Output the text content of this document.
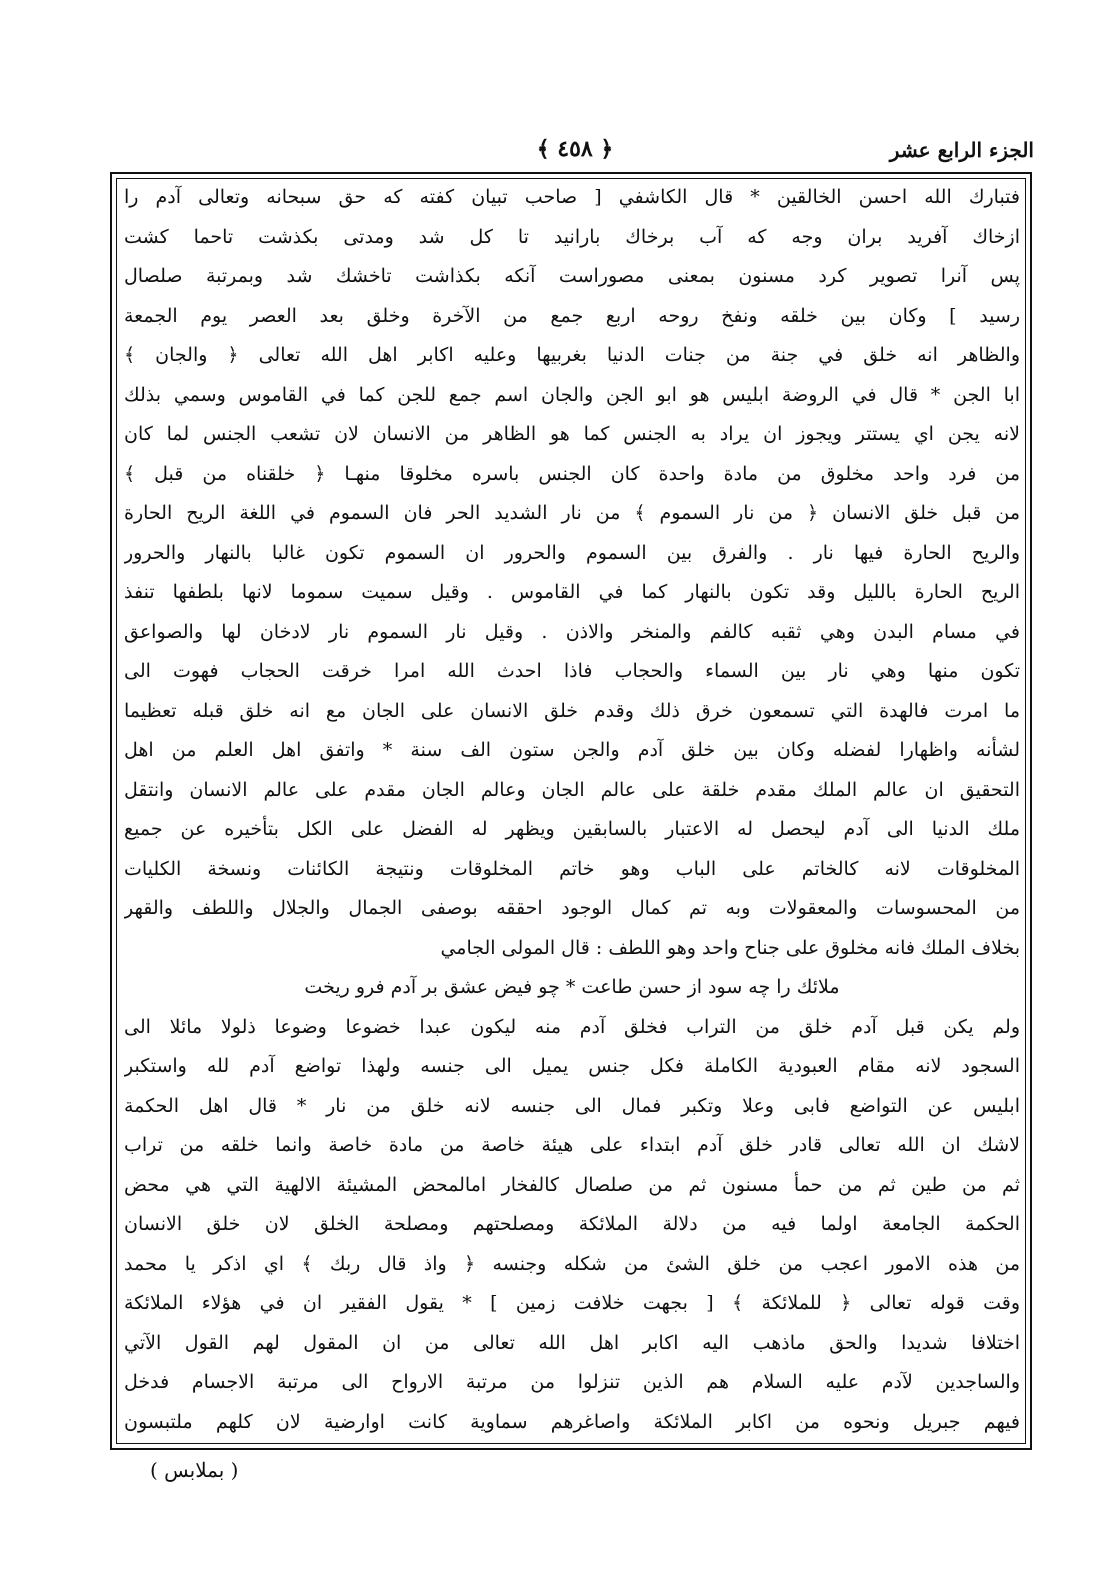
الجزء الرابع عشر
﴿ ٤٥٨ ﴾
فتبارك الله احسن الخالقين * قال الكاشفي [ صاحب تبيان كفته كه حق سبحانه وتعالى آدم را
ازخاك آفريد بران وجه كه آب برخاك بارانيد تا كل شد ومدتى بكذشت تاحما كشت
پس آنرا تصوير كرد مسنون بمعنى مصوراست آنكه بكذاشت تاخشك شد وبمرتبة صلصال
رسيد ] وكان بين خلقه ونفخ روحه اربع جمع من الآخرة وخلق بعد العصر يوم الجمعة
والظاهر انه خلق في جنة من جنات الدنيا بغربيها وعليه اكابر اهل الله تعالى ﴿ والجان ﴾
ابا الجن * قال في الروضة ابليس هو ابو الجن والجان اسم جمع للجن كما في القاموس وسمي بذلك
لانه يجن اي يستتر ويجوز ان يراد به الجنس كما هو الظاهر من الانسان لان تشعب الجنس لما كان
من فرد واحد مخلوق من مادة واحدة كان الجنس باسره مخلوقا منهـا ﴿ خلقناه من قبل ﴾
من قبل خلق الانسان ﴿ من نار السموم ﴾ من نار الشديد الحر فان السموم في اللغة الريح الحارة
والريح الحارة فيها نار . والفرق بين السموم والحرور ان السموم تكون غالبا بالنهار والحرور
الريح الحارة بالليل وقد تكون بالنهار كما في القاموس . وقيل سميت سموما لانها بلطفها تنفذ
في مسام البدن وهي ثقبه كالفم والمنخر والاذن . وقيل نار السموم نار لادخان لها والصواعق
تكون منها وهي نار بين السماء والحجاب فاذا احدث الله امرا خرقت الحجاب فهوت الى
ما امرت فالهدة التي تسمعون خرق ذلك وقدم خلق الانسان على الجان مع انه خلق قبله تعظيما
لشأنه واظهارا لفضله وكان بين خلق آدم والجن ستون الف سنة * واتفق اهل العلم من اهل
التحقيق ان عالم الملك مقدم خلقة على عالم الجان وعالم الجان مقدم على عالم الانسان وانتقل
ملك الدنيا الى آدم ليحصل له الاعتبار بالسابقين ويظهر له الفضل على الكل بتأخيره عن جميع
المخلوقات لانه كالخاتم على الباب وهو خاتم المخلوقات ونتيجة الكائنات ونسخة الكليات
من المحسوسات والمعقولات وبه تم كمال الوجود احققه بوصفى الجمال والجلال واللطف والقهر
بخلاف الملك فانه مخلوق على جناح واحد وهو اللطف : قال المولى الجامي
ملائك را چه سود از حسن طاعت * چو فيض عشق بر آدم فرو ريخت
ولم يكن قبل آدم خلق من التراب فخلق آدم منه ليكون عبدا خضوعا وضوعا ذلولا مائلا الى
السجود لانه مقام العبودية الكاملة فكل جنس يميل الى جنسه ولهذا تواضع آدم لله واستكبر
ابليس عن التواضع فابى وعلا وتكبر فمال الى جنسه لانه خلق من نار * قال اهل الحكمة
لاشك ان الله تعالى قادر خلق آدم ابتداء على هيئة خاصة من مادة خاصة وانما خلقه من تراب
ثم من طين ثم من حمأ مسنون ثم من صلصال كالفخار امالمحض المشيئة الالهية التي هي محض
الحكمة الجامعة اولما فيه من دلالة الملائكة ومصلحتهم ومصلحة الخلق لان خلق الانسان
من هذه الامور اعجب من خلق الشئ من شكله وجنسه ﴿ واذ قال ربك ﴾ اي اذكر يا محمد
وقت قوله تعالى ﴿ للملائكة ﴾ [ بجهت خلافت زمين ] * يقول الفقير ان في هؤلاء الملائكة
اختلافا شديدا والحق ماذهب اليه اكابر اهل الله تعالى من ان المقول لهم القول الآتي
والساجدين لآدم عليه السلام هم الذين تنزلوا من مرتبة الارواح الى مرتبة الاجسام فدخل
فيهم جبريل ونحوه من اكابر الملائكة واصاغرهم سماوية كانت اوارضية لان كلهم ملتبسون
( بملابس )
